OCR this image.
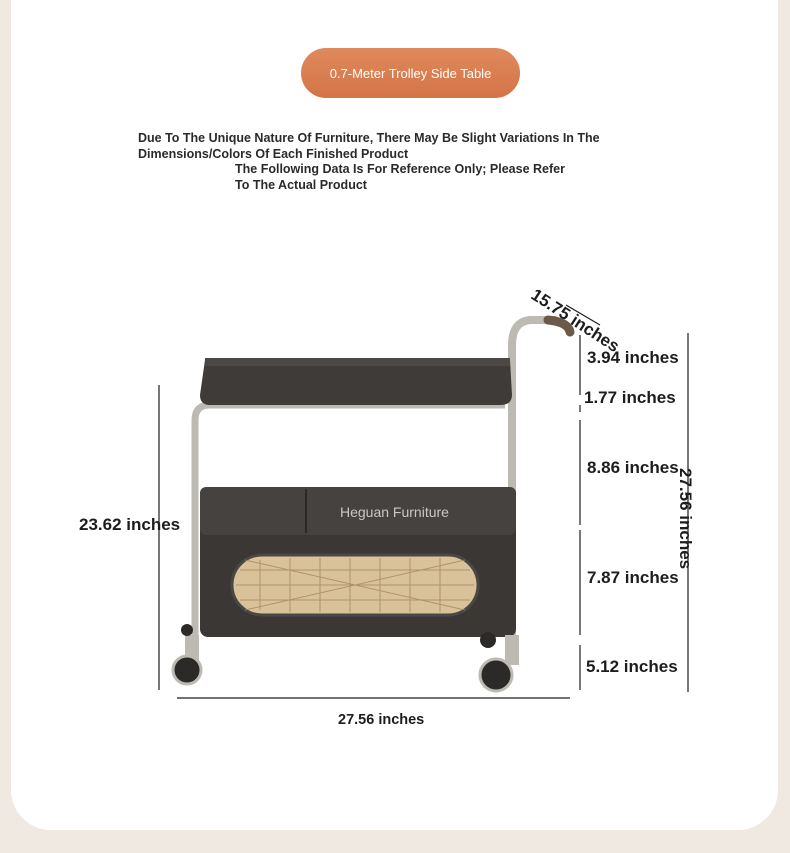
0.7-Meter Trolley Side Table
Due To The Unique Nature Of Furniture, There May Be Slight Variations In The Dimensions/Colors Of Each Finished Product
The Following Data Is For Reference Only; Please Refer To The Actual Product
Heguan Furniture
15.75 inches
3.94 inches
1.77 inches
8.86 inches
27.56 inches
23.62 inches
7.87 inches
5.12 inches
27.56 inches
